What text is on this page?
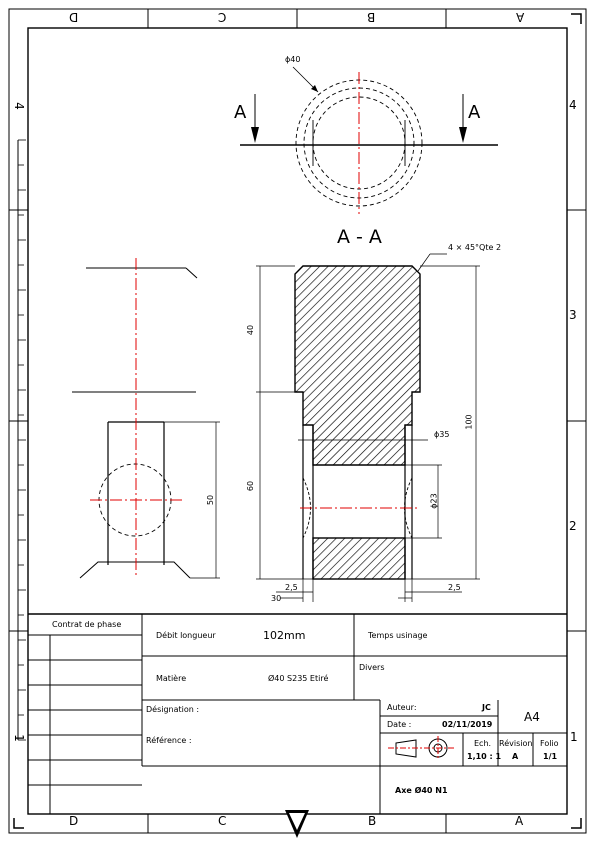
D	C	B	A
D	C	B	A
4
1
4
3
2
1
A	A
A - A
ϕ40
4 × 45°Qte 2
40
60
100
ϕ35
ϕ23
50
2,5
30
2,5
Contrat de phase
Débit longueur	102mm	Temps usinage
Matière	Ø40 S235 Etiré
Divers
Désignation :
Référence :
Auteur:	JC
Date :	02/11/2019
A4
Ech.
1,10 : 1
Révision
A
Folio
1/1
Axe Ø40 N1
